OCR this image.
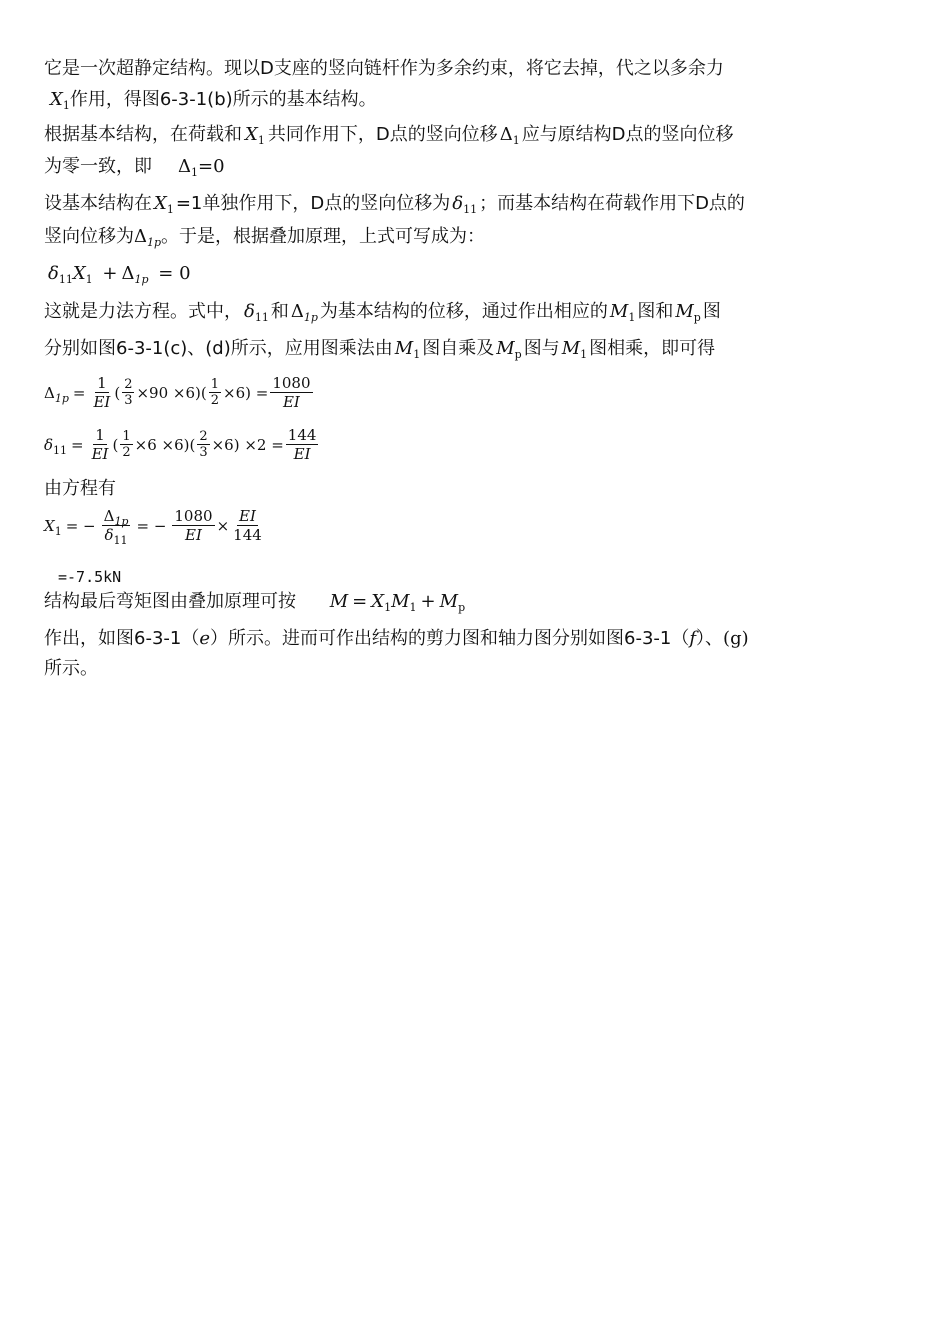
它是一次超静定结构。现以D支座的竖向链杆作为多余约束，将它去掉，代之以多余力
$X_1$作用，得图6-3-1(b)所示的基本结构。
根据基本结构，在荷载和 $X_1$ 共同作用下，D点的竖向位移 $\Delta_1$ 应与原结构D点的竖向位移
为零一致，即 $\Delta_1=0$
设基本结构在 $X_1 =1$单独作用下，D点的竖向位移为 $\delta_{11}$ ；而基本结构在荷载作用下D点的
竖向位移为$\Delta_{1p}$。于是，根据叠加原理，上式可写成为：
$\delta_{11}X_1 + \Delta_{1p} = 0$
这就是力法方程。式中， $\delta_{11}$ 和 $\Delta_{1p}$ 为基本结构的位移，通过作出相应的 $M_1$ 图和 $M_p$ 图
分别如图6-3-1(c)、(d)所示，应用图乘法由 $M_1$ 图自乘及 $M_p$ 图与 $M_1$ 图相乘，即可得
$\Delta_{1p} = \frac{1}{EI}$ ( $\frac{2}{3} \times 90 \times 6)( \frac{1}{2} \times 6) = \frac{1080}{EI}$
$\delta_{11} = \frac{1}{EI}$ ( $\frac{1}{2} \times 6 \times 6)( \frac{2}{3} \times 6) \times 2 = \frac{144}{EI}$
由方程有
$X_1$ = − $\frac{\Delta_{1p}}{\delta_{11}}$ = − $\frac{1080}{EI} \times \frac{EI}{144}$
=-7.5kN
结构最后弯矩图由叠加原理可按 $M = X_1M_1 + M_p$
作出，如图6-3-1（e）所示。进而可作出结构的剪力图和轴力图分别如图6-3-1（f）、(g)
所示。
